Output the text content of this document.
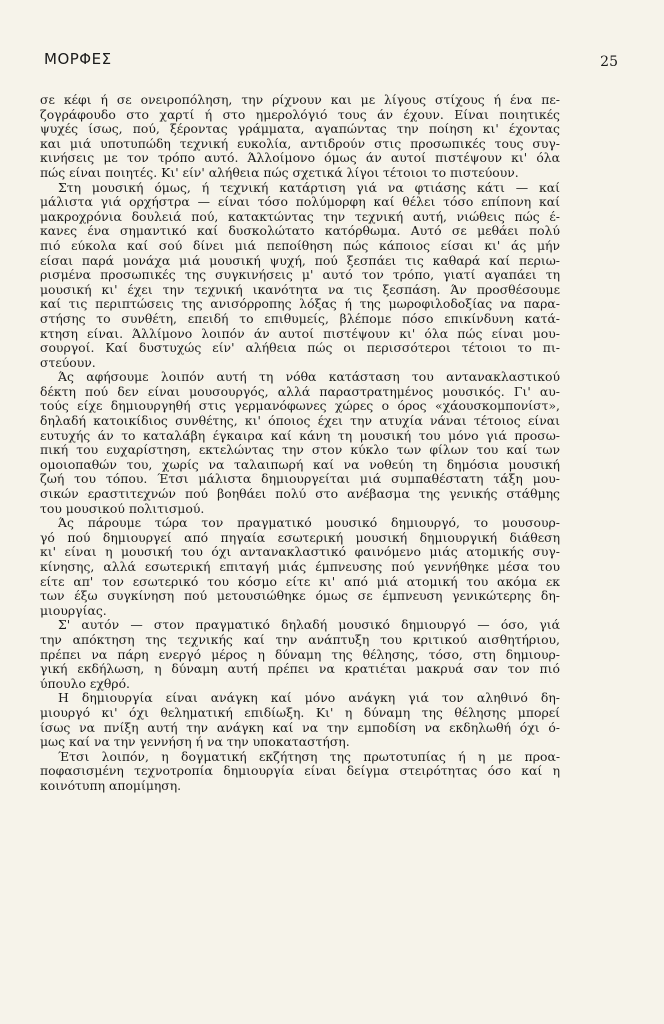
ΜΟΡΦΕΣ	25
σε κέφι ή σε ονειροπόληση, την ρίχνουν και με λίγους στίχους ή ένα πε-
ζογράφουδο στο χαρτί ή στο ημερολόγιό τους άν έχουν. Είναι ποιητικές
ψυχές ίσως, πού, ξέροντας γράμματα, αγαπώντας την ποίηση κι' έχοντας
και μιά υποτυπώδη τεχνική ευκολία, αντιδρούν στις προσωπικές τους συγ-
κινήσεις με τον τρόπο αυτό. Άλλοίμονο όμως άν αυτοί πιστέψουν κι' όλα
πώς είναι ποιητές. Κι' είν' αλήθεια πώς σχετικά λίγοι τέτοιοι το πιστεύουν.
Στη μουσική όμως, ή τεχνική κατάρτιση γιά να φτιάσης κάτι — καί
μάλιστα γιά ορχήστρα — είναι τόσο πολύμορφη καί θέλει τόσο επίπονη καί
μακροχρόνια δουλειά πού, κατακτώντας την τεχνική αυτή, νιώθεις πώς έ-
κανες ένα σημαντικό καί δυσκολώτατο κατόρθωμα. Αυτό σε μεθάει πολύ
πιό εύκολα καί σού δίνει μιά πεποίθηση πώς κάποιος είσαι κι' άς μήν
είσαι παρά μονάχα μιά μουσική ψυχή, πού ξεσπάει τις καθαρά καί περιω-
ρισμένα προσωπικές της συγκινήσεις μ' αυτό τον τρόπο, γιατί αγαπάει τη
μουσική κι' έχει την τεχνική ικανότητα να τις ξεσπάση. Άν προσθέσουμε
καί τις περιπτώσεις της ανισόρροπης λόξας ή της μωροφιλοδοξίας να παρα-
στήσης το συνθέτη, επειδή το επιθυμείς, βλέπομε πόσο επικίνδυνη κατά-
κτηση είναι. Άλλίμονο λοιπόν άν αυτοί πιστέψουν κι' όλα πώς είναι μου-
σουργοί. Καί δυστυχώς είν' αλήθεια πώς οι περισσότεροι τέτοιοι το πι-
στεύουν.
Άς αφήσουμε λοιπόν αυτή τη νόθα κατάσταση του αντανακλαστικού
δέκτη πού δεν είναι μουσουργός, αλλά παραστρατημένος μουσικός. Γι' αυ-
τούς είχε δημιουργηθή στις γερμανόφωνες χώρες ο όρος «χάουσκομπονίστ»,
δηλαδή κατοικίδιος συνθέτης, κι' όποιος έχει την ατυχία νάναι τέτοιος είναι
ευτυχής άν το καταλάβη έγκαιρα καί κάνη τη μουσική του μόνο γιά προσω-
πική του ευχαρίστηση, εκτελώντας την στον κύκλο των φίλων του καί των
ομοιοπαθών του, χωρίς να ταλαιπωρή καί να νοθεύη τη δημόσια μουσική
ζωή του τόπου. Έτσι μάλιστα δημιουργείται μιά συμπαθέστατη τάξη μου-
σικών εραστιτεχνών πού βοηθάει πολύ στο ανέβασμα της γενικής στάθμης
του μουσικού πολιτισμού.
Άς πάρουμε τώρα τον πραγματικό μουσικό δημιουργό, το μουσουρ-
γό πού δημιουργεί από πηγαία εσωτερική μουσική δημιουργική διάθεση
κι' είναι η μουσική του όχι αντανακλαστικό φαινόμενο μιάς ατομικής συγ-
κίνησης, αλλά εσωτερική επιταγή μιάς έμπνευσης πού γεννήθηκε μέσα του
είτε απ' τον εσωτερικό του κόσμο είτε κι' από μιά ατομική του ακόμα εκ
των έξω συγκίνηση πού μετουσιώθηκε όμως σε έμπνευση γενικώτερης δη-
μιουργίας.
Σ' αυτόν — στον πραγματικό δηλαδή μουσικό δημιουργό — όσο, γιά
την απόκτηση της τεχνικής καί την ανάπτυξη του κριτικού αισθητήριου,
πρέπει να πάρη ενεργό μέρος η δύναμη της θέλησης, τόσο, στη δημιουρ-
γική εκδήλωση, η δύναμη αυτή πρέπει να κρατιέται μακρυά σαν τον πιό
ύπουλο εχθρό.
Η δημιουργία είναι ανάγκη καί μόνο ανάγκη γιά τον αληθινό δη-
μιουργό κι' όχι θεληματική επιδίωξη. Κι' η δύναμη της θέλησης μπορεί
ίσως να πνίξη αυτή την ανάγκη καί να την εμποδίση να εκδηλωθή όχι ό-
μως καί να την γεννήση ή να την υποκαταστήση.
Έτσι λοιπόν, η δογματική εκζήτηση της πρωτοτυπίας ή η με προα-
ποφασισμένη τεχνοτροπία δημιουργία είναι δείγμα στειρότητας όσο καί η
κοινότυπη απομίμηση.
